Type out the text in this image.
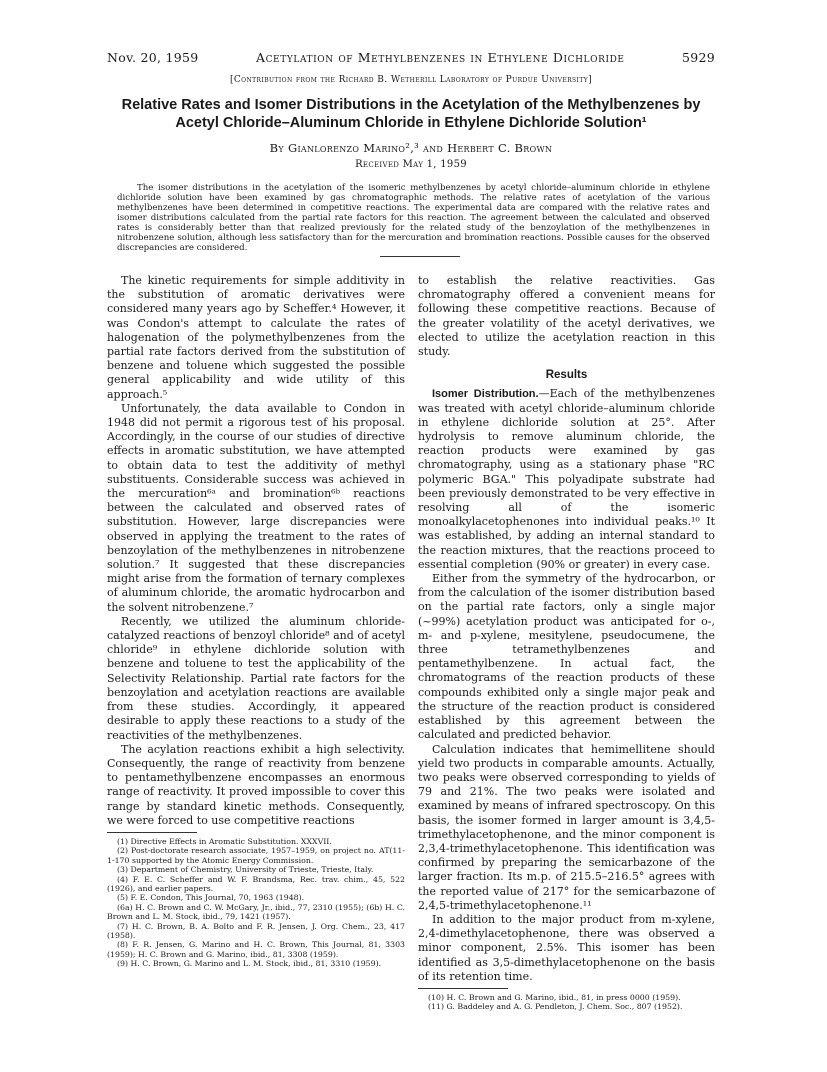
Nov. 20, 1959	Acetylation of Methylbenzenes in Ethylene Dichloride	5929
[Contribution from the Richard B. Wetherill Laboratory of Purdue University]
Relative Rates and Isomer Distributions in the Acetylation of the Methylbenzenes by Acetyl Chloride–Aluminum Chloride in Ethylene Dichloride Solution¹
By Gianlorenzo Marino²,³ and Herbert C. Brown
Received May 1, 1959
The isomer distributions in the acetylation of the isomeric methylbenzenes by acetyl chloride–aluminum chloride in ethylene dichloride solution have been examined by gas chromatographic methods. The relative rates of acetylation of the various methylbenzenes have been determined in competitive reactions. The experimental data are compared with the relative rates and isomer distributions calculated from the partial rate factors for this reaction. The agreement between the calculated and observed rates is considerably better than that realized previously for the related study of the benzoylation of the methylbenzenes in nitrobenzene solution, although less satisfactory than for the mercuration and bromination reactions. Possible causes for the observed discrepancies are considered.

The kinetic requirements for simple additivity in the substitution of aromatic derivatives were considered many years ago by Scheffer.⁴ However, it was Condon's attempt to calculate the rates of halogenation of the polymethylbenzenes from the partial rate factors derived from the substitution of benzene and toluene which suggested the possible general applicability and wide utility of this approach.⁵

Unfortunately, the data available to Condon in 1948 did not permit a rigorous test of his proposal. Accordingly, in the course of our studies of directive effects in aromatic substitution, we have attempted to obtain data to test the additivity of methyl substituents. Considerable success was achieved in the mercuration⁶ᵃ and bromination⁶ᵇ reactions between the calculated and observed rates of substitution. However, large discrepancies were observed in applying the treatment to the rates of benzoylation of the methylbenzenes in nitrobenzene solution.⁷ It suggested that these discrepancies might arise from the formation of ternary complexes of aluminum chloride, the aromatic hydrocarbon and the solvent nitrobenzene.⁷

Recently, we utilized the aluminum chloride-catalyzed reactions of benzoyl chloride⁸ and of acetyl chloride⁹ in ethylene dichloride solution with benzene and toluene to test the applicability of the Selectivity Relationship. Partial rate factors for the benzoylation and acetylation reactions are available from these studies. Accordingly, it appeared desirable to apply these reactions to a study of the reactivities of the methylbenzenes.

The acylation reactions exhibit a high selectivity. Consequently, the range of reactivity from benzene to pentamethylbenzene encompasses an enormous range of reactivity. It proved impossible to cover this range by standard kinetic methods. Consequently, we were forced to use competitive reactions

(1) Directive Effects in Aromatic Substitution. XXXVII.
(2) Post-doctorate research associate, 1957–1959, on project no. AT(11-1-170 supported by the Atomic Energy Commission.
(3) Department of Chemistry, University of Trieste, Trieste, Italy.
(4) F. E. C. Scheffer and W. F. Brandsma, Rec. trav. chim., 45, 522 (1926), and earlier papers.
(5) F. E. Condon, This Journal, 70, 1963 (1948).
(6a) H. C. Brown and C. W. McGary, Jr., ibid., 77, 2310 (1955); (6b) H. C. Brown and L. M. Stock, ibid., 79, 1421 (1957).
(7) H. C. Brown, B. A. Bolto and F. R. Jensen, J. Org. Chem., 23, 417 (1958).
(8) F. R. Jensen, G. Marino and H. C. Brown, This Journal, 81, 3303 (1959); H. C. Brown and G. Marino, ibid., 81, 3308 (1959).
(9) H. C. Brown, G. Marino and L. M. Stock, ibid., 81, 3310 (1959).

to establish the relative reactivities. Gas chromatography offered a convenient means for following these competitive reactions. Because of the greater volatility of the acetyl derivatives, we elected to utilize the acetylation reaction in this study.

Results

Isomer Distribution.—Each of the methylbenzenes was treated with acetyl chloride–aluminum chloride in ethylene dichloride solution at 25°. After hydrolysis to remove aluminum chloride, the reaction products were examined by gas chromatography, using as a stationary phase "RC polymeric BGA." This polyadipate substrate had been previously demonstrated to be very effective in resolving all of the isomeric monoalkylacetophenones into individual peaks.¹⁰ It was established, by adding an internal standard to the reaction mixtures, that the reactions proceed to essential completion (90% or greater) in every case.

Either from the symmetry of the hydrocarbon, or from the calculation of the isomer distribution based on the partial rate factors, only a single major (~99%) acetylation product was anticipated for o-, m- and p-xylene, mesitylene, pseudocumene, the three tetramethylbenzenes and pentamethylbenzene. In actual fact, the chromatograms of the reaction products of these compounds exhibited only a single major peak and the structure of the reaction product is considered established by this agreement between the calculated and predicted behavior.

Calculation indicates that hemimellitene should yield two products in comparable amounts. Actually, two peaks were observed corresponding to yields of 79 and 21%. The two peaks were isolated and examined by means of infrared spectroscopy. On this basis, the isomer formed in larger amount is 3,4,5-trimethylacetophenone, and the minor component is 2,3,4-trimethylacetophenone. This identification was confirmed by preparing the semicarbazone of the larger fraction. Its m.p. of 215.5–216.5° agrees with the reported value of 217° for the semicarbazone of 2,4,5-trimethylacetophenone.¹¹

In addition to the major product from m-xylene, 2,4-dimethylacetophenone, there was observed a minor component, 2.5%. This isomer has been identified as 3,5-dimethylacetophenone on the basis of its retention time.

(10) H. C. Brown and G. Marino, ibid., 81, in press 0000 (1959).
(11) G. Baddeley and A. G. Pendleton, J. Chem. Soc., 807 (1952).
